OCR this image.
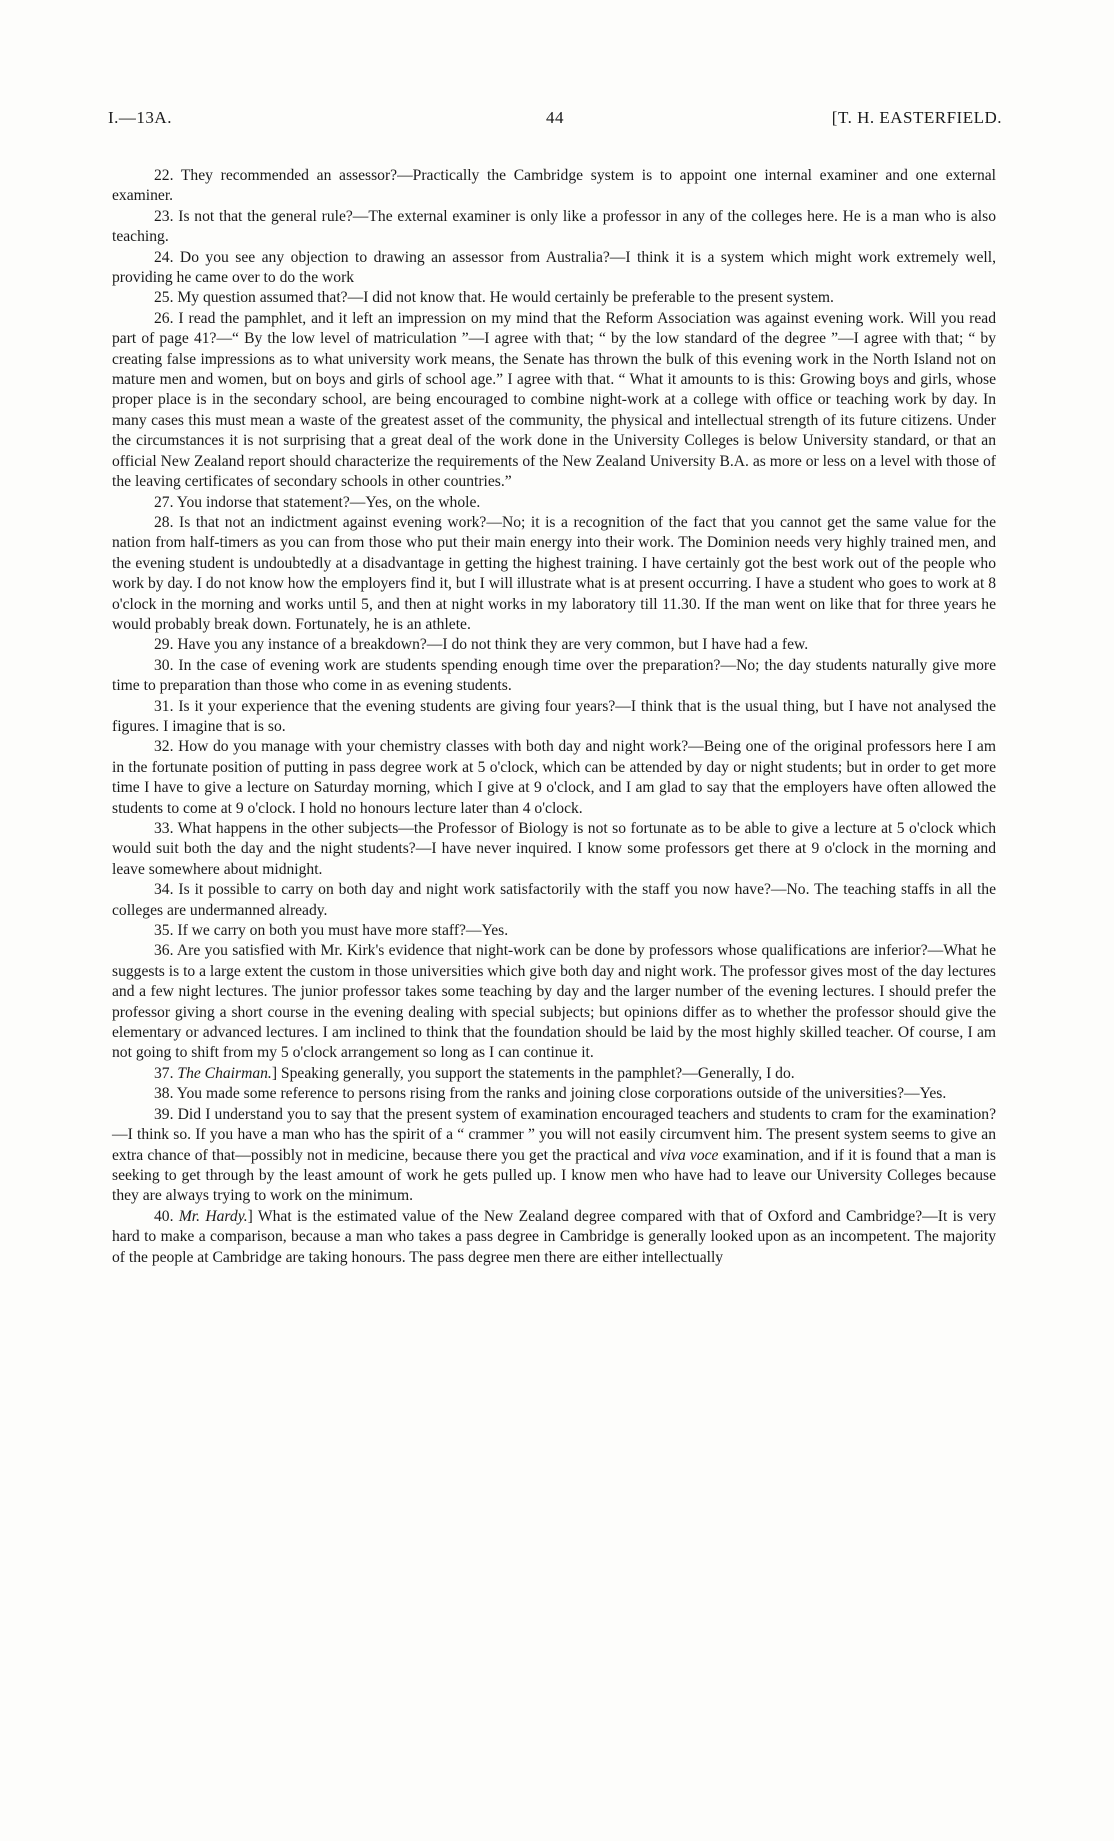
I.—13A.	44	[T. H. EASTERFIELD.

22. They recommended an assessor?—Practically the Cambridge system is to appoint one internal examiner and one external examiner.

23. Is not that the general rule?—The external examiner is only like a professor in any of the colleges here. He is a man who is also teaching.

24. Do you see any objection to drawing an assessor from Australia?—I think it is a system which might work extremely well, providing he came over to do the work

25. My question assumed that?—I did not know that. He would certainly be preferable to the present system.

26. I read the pamphlet, and it left an impression on my mind that the Reform Association was against evening work. Will you read part of page 41?—“ By the low level of matriculation ”—I agree with that; “ by the low standard of the degree ”—I agree with that; “ by creating false impressions as to what university work means, the Senate has thrown the bulk of this evening work in the North Island not on mature men and women, but on boys and girls of school age.” I agree with that. “ What it amounts to is this: Growing boys and girls, whose proper place is in the secondary school, are being encouraged to combine night-work at a college with office or teaching work by day. In many cases this must mean a waste of the greatest asset of the community, the physical and intellectual strength of its future citizens. Under the circumstances it is not surprising that a great deal of the work done in the University Colleges is below University standard, or that an official New Zealand report should characterize the requirements of the New Zealand University B.A. as more or less on a level with those of the leaving certificates of secondary schools in other countries.”

27. You indorse that statement?—Yes, on the whole.

28. Is that not an indictment against evening work?—No; it is a recognition of the fact that you cannot get the same value for the nation from half-timers as you can from those who put their main energy into their work. The Dominion needs very highly trained men, and the evening student is undoubtedly at a disadvantage in getting the highest training. I have certainly got the best work out of the people who work by day. I do not know how the employers find it, but I will illustrate what is at present occurring. I have a student who goes to work at 8 o'clock in the morning and works until 5, and then at night works in my laboratory till 11.30. If the man went on like that for three years he would probably break down. Fortunately, he is an athlete.

29. Have you any instance of a breakdown?—I do not think they are very common, but I have had a few.

30. In the case of evening work are students spending enough time over the preparation?—No; the day students naturally give more time to preparation than those who come in as evening students.

31. Is it your experience that the evening students are giving four years?—I think that is the usual thing, but I have not analysed the figures. I imagine that is so.

32. How do you manage with your chemistry classes with both day and night work?—Being one of the original professors here I am in the fortunate position of putting in pass degree work at 5 o'clock, which can be attended by day or night students; but in order to get more time I have to give a lecture on Saturday morning, which I give at 9 o'clock, and I am glad to say that the employers have often allowed the students to come at 9 o'clock. I hold no honours lecture later than 4 o'clock.

33. What happens in the other subjects—the Professor of Biology is not so fortunate as to be able to give a lecture at 5 o'clock which would suit both the day and the night students?—I have never inquired. I know some professors get there at 9 o'clock in the morning and leave somewhere about midnight.

34. Is it possible to carry on both day and night work satisfactorily with the staff you now have?—No. The teaching staffs in all the colleges are undermanned already.

35. If we carry on both you must have more staff?—Yes.

36. Are you satisfied with Mr. Kirk's evidence that night-work can be done by professors whose qualifications are inferior?—What he suggests is to a large extent the custom in those universities which give both day and night work. The professor gives most of the day lectures and a few night lectures. The junior professor takes some teaching by day and the larger number of the evening lectures. I should prefer the professor giving a short course in the evening dealing with special subjects; but opinions differ as to whether the professor should give the elementary or advanced lectures. I am inclined to think that the foundation should be laid by the most highly skilled teacher. Of course, I am not going to shift from my 5 o'clock arrangement so long as I can continue it.

37. The Chairman.] Speaking generally, you support the statements in the pamphlet?—Generally, I do.

38. You made some reference to persons rising from the ranks and joining close corporations outside of the universities?—Yes.

39. Did I understand you to say that the present system of examination encouraged teachers and students to cram for the examination?—I think so. If you have a man who has the spirit of a “ crammer ” you will not easily circumvent him. The present system seems to give an extra chance of that—possibly not in medicine, because there you get the practical and viva voce examination, and if it is found that a man is seeking to get through by the least amount of work he gets pulled up. I know men who have had to leave our University Colleges because they are always trying to work on the minimum.

40. Mr. Hardy.] What is the estimated value of the New Zealand degree compared with that of Oxford and Cambridge?—It is very hard to make a comparison, because a man who takes a pass degree in Cambridge is generally looked upon as an incompetent. The majority of the people at Cambridge are taking honours. The pass degree men there are either intellectually
